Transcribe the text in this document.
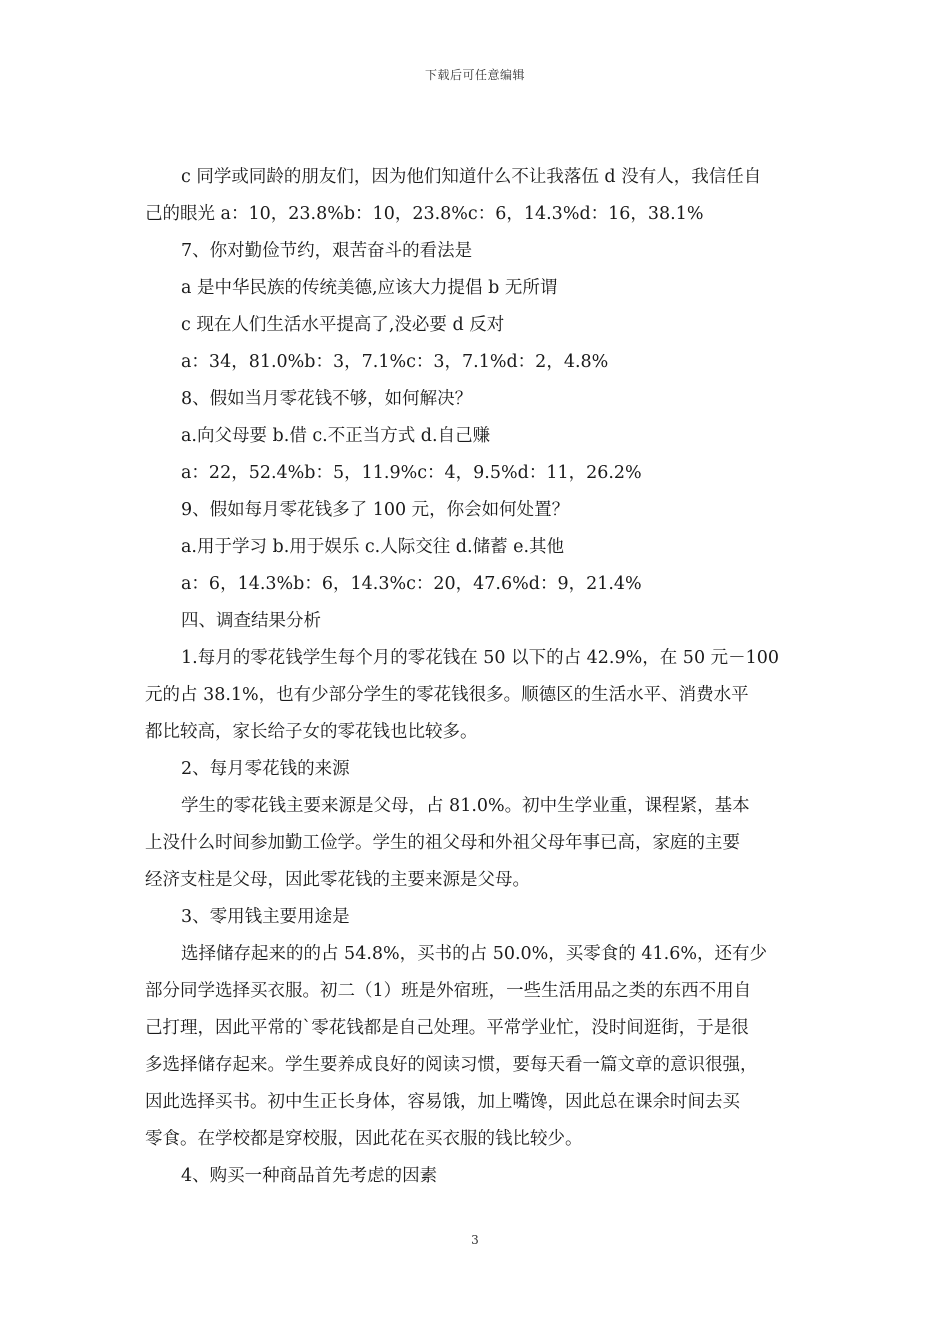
下载后可任意编辑

c 同学或同龄的朋友们，因为他们知道什么不让我落伍 d 没有人，我信任自

己的眼光 a：10，23.8%b：10，23.8%c：6，14.3%d：16，38.1%

7、你对勤俭节约，艰苦奋斗的看法是

a 是中华民族的传统美德,应该大力提倡 b 无所谓

c 现在人们生活水平提高了,没必要 d 反对

a：34，81.0%b：3，7.1%c：3，7.1%d：2，4.8%

8、假如当月零花钱不够，如何解决？

a.向父母要 b.借 c.不正当方式 d.自己赚

a：22，52.4%b：5，11.9%c：4，9.5%d：11，26.2%

9、假如每月零花钱多了 100 元，你会如何处置？

a.用于学习 b.用于娱乐 c.人际交往 d.储蓄 e.其他

a：6，14.3%b：6，14.3%c：20，47.6%d：9，21.4%

四、调查结果分析

1.每月的零花钱学生每个月的零花钱在 50 以下的占 42.9%，在 50 元－100

元的占 38.1%，也有少部分学生的零花钱很多。顺德区的生活水平、消费水平

都比较高，家长给子女的零花钱也比较多。

2、每月零花钱的来源

学生的零花钱主要来源是父母，占 81.0%。初中生学业重，课程紧，基本

上没什么时间参加勤工俭学。学生的祖父母和外祖父母年事已高，家庭的主要

经济支柱是父母，因此零花钱的主要来源是父母。

3、零用钱主要用途是

选择储存起来的的占 54.8%，买书的占 50.0%，买零食的 41.6%，还有少

部分同学选择买衣服。初二（1）班是外宿班，一些生活用品之类的东西不用自

己打理，因此平常的`零花钱都是自己处理。平常学业忙，没时间逛街，于是很

多选择储存起来。学生要养成良好的阅读习惯，要每天看一篇文章的意识很强，

因此选择买书。初中生正长身体，容易饿，加上嘴馋，因此总在课余时间去买

零食。在学校都是穿校服，因此花在买衣服的钱比较少。

4、购买一种商品首先考虑的因素

3
